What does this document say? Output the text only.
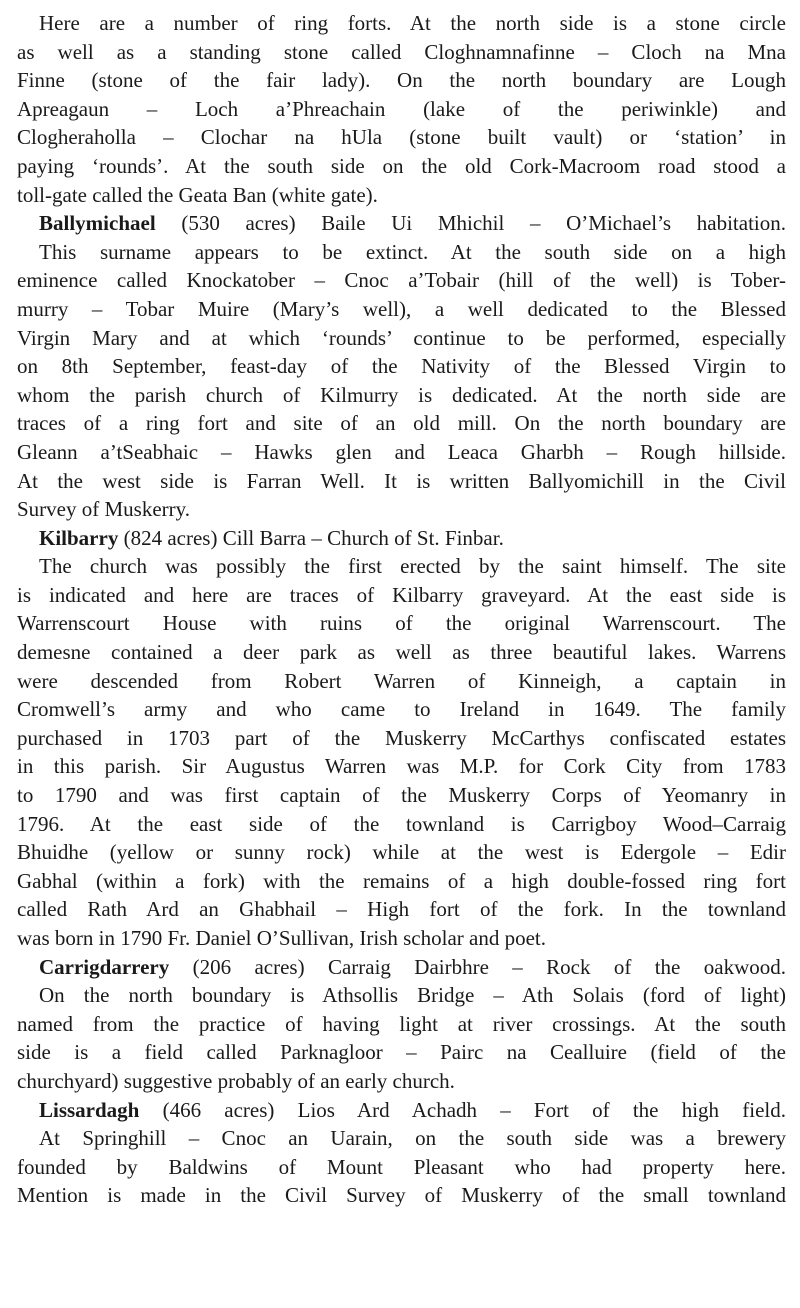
Here are a number of ring forts. At the north side is a stone circle
as well as a standing stone called Cloghnamnafinne – Cloch na Mna
Finne (stone of the fair lady). On the north boundary are Lough
Apreagaun – Loch a’Phreachain (lake of the periwinkle) and
Clogheraholla – Clochar na hUla (stone built vault) or ‘station’ in
paying ‘rounds’. At the south side on the old Cork-Macroom road stood a
toll-gate called the Geata Ban (white gate).
Ballymichael (530 acres) Baile Ui Mhichil – O’Michael’s habitation.
This surname appears to be extinct. At the south side on a high
eminence called Knockatober – Cnoc a’Tobair (hill of the well) is Tober-
murry – Tobar Muire (Mary’s well), a well dedicated to the Blessed
Virgin Mary and at which ‘rounds’ continue to be performed, especially
on 8th September, feast-day of the Nativity of the Blessed Virgin to
whom the parish church of Kilmurry is dedicated. At the north side are
traces of a ring fort and site of an old mill. On the north boundary are
Gleann a’tSeabhaic – Hawks glen and Leaca Gharbh – Rough hillside.
At the west side is Farran Well. It is written Ballyomichill in the Civil
Survey of Muskerry.
Kilbarry (824 acres) Cill Barra – Church of St. Finbar.
The church was possibly the first erected by the saint himself. The site
is indicated and here are traces of Kilbarry graveyard. At the east side is
Warrenscourt House with ruins of the original Warrenscourt. The
demesne contained a deer park as well as three beautiful lakes. Warrens
were descended from Robert Warren of Kinneigh, a captain in
Cromwell’s army and who came to Ireland in 1649. The family
purchased in 1703 part of the Muskerry McCarthys confiscated estates
in this parish. Sir Augustus Warren was M.P. for Cork City from 1783
to 1790 and was first captain of the Muskerry Corps of Yeomanry in
1796. At the east side of the townland is Carrigboy Wood–Carraig
Bhuidhe (yellow or sunny rock) while at the west is Edergole – Edir
Gabhal (within a fork) with the remains of a high double-fossed ring fort
called Rath Ard an Ghabhail – High fort of the fork. In the townland
was born in 1790 Fr. Daniel O’Sullivan, Irish scholar and poet.
Carrigdarrery (206 acres) Carraig Dairbhre – Rock of the oakwood.
On the north boundary is Athsollis Bridge – Ath Solais (ford of light)
named from the practice of having light at river crossings. At the south
side is a field called Parknagloor – Pairc na Cealluire (field of the
churchyard) suggestive probably of an early church.
Lissardagh (466 acres) Lios Ard Achadh – Fort of the high field.
At Springhill – Cnoc an Uarain, on the south side was a brewery
founded by Baldwins of Mount Pleasant who had property here.
Mention is made in the Civil Survey of Muskerry of the small townland
